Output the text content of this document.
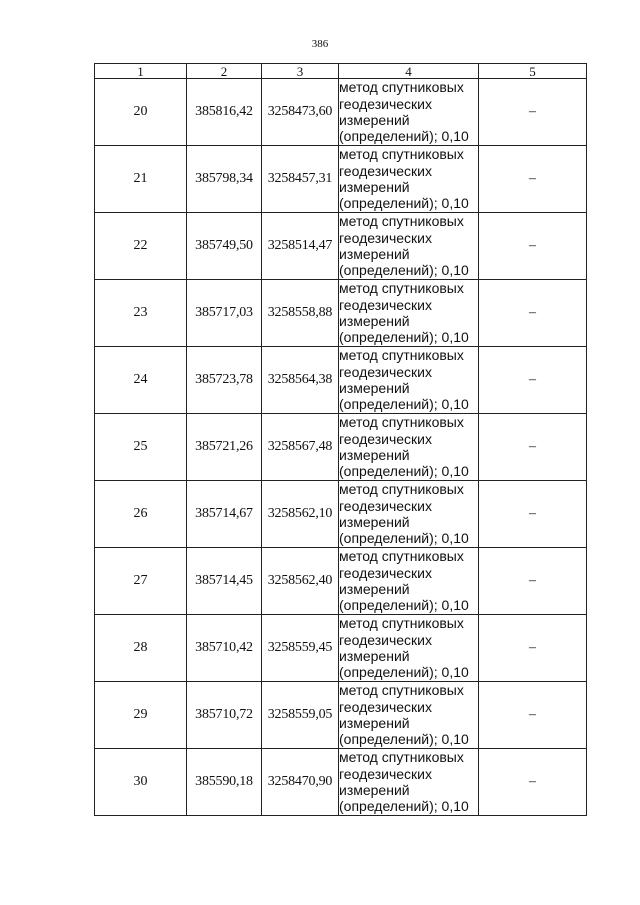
386
1	2	3	4	5
20	385816,42	3258473,60	метод спутниковых
геодезических
измерений
(определений); 0,10	–
21	385798,34	3258457,31	метод спутниковых
геодезических
измерений
(определений); 0,10	–
22	385749,50	3258514,47	метод спутниковых
геодезических
измерений
(определений); 0,10	–
23	385717,03	3258558,88	метод спутниковых
геодезических
измерений
(определений); 0,10	–
24	385723,78	3258564,38	метод спутниковых
геодезических
измерений
(определений); 0,10	–
25	385721,26	3258567,48	метод спутниковых
геодезических
измерений
(определений); 0,10	–
26	385714,67	3258562,10	метод спутниковых
геодезических
измерений
(определений); 0,10	–
27	385714,45	3258562,40	метод спутниковых
геодезических
измерений
(определений); 0,10	–
28	385710,42	3258559,45	метод спутниковых
геодезических
измерений
(определений); 0,10	–
29	385710,72	3258559,05	метод спутниковых
геодезических
измерений
(определений); 0,10	–
30	385590,18	3258470,90	метод спутниковых
геодезических
измерений
(определений); 0,10	–
